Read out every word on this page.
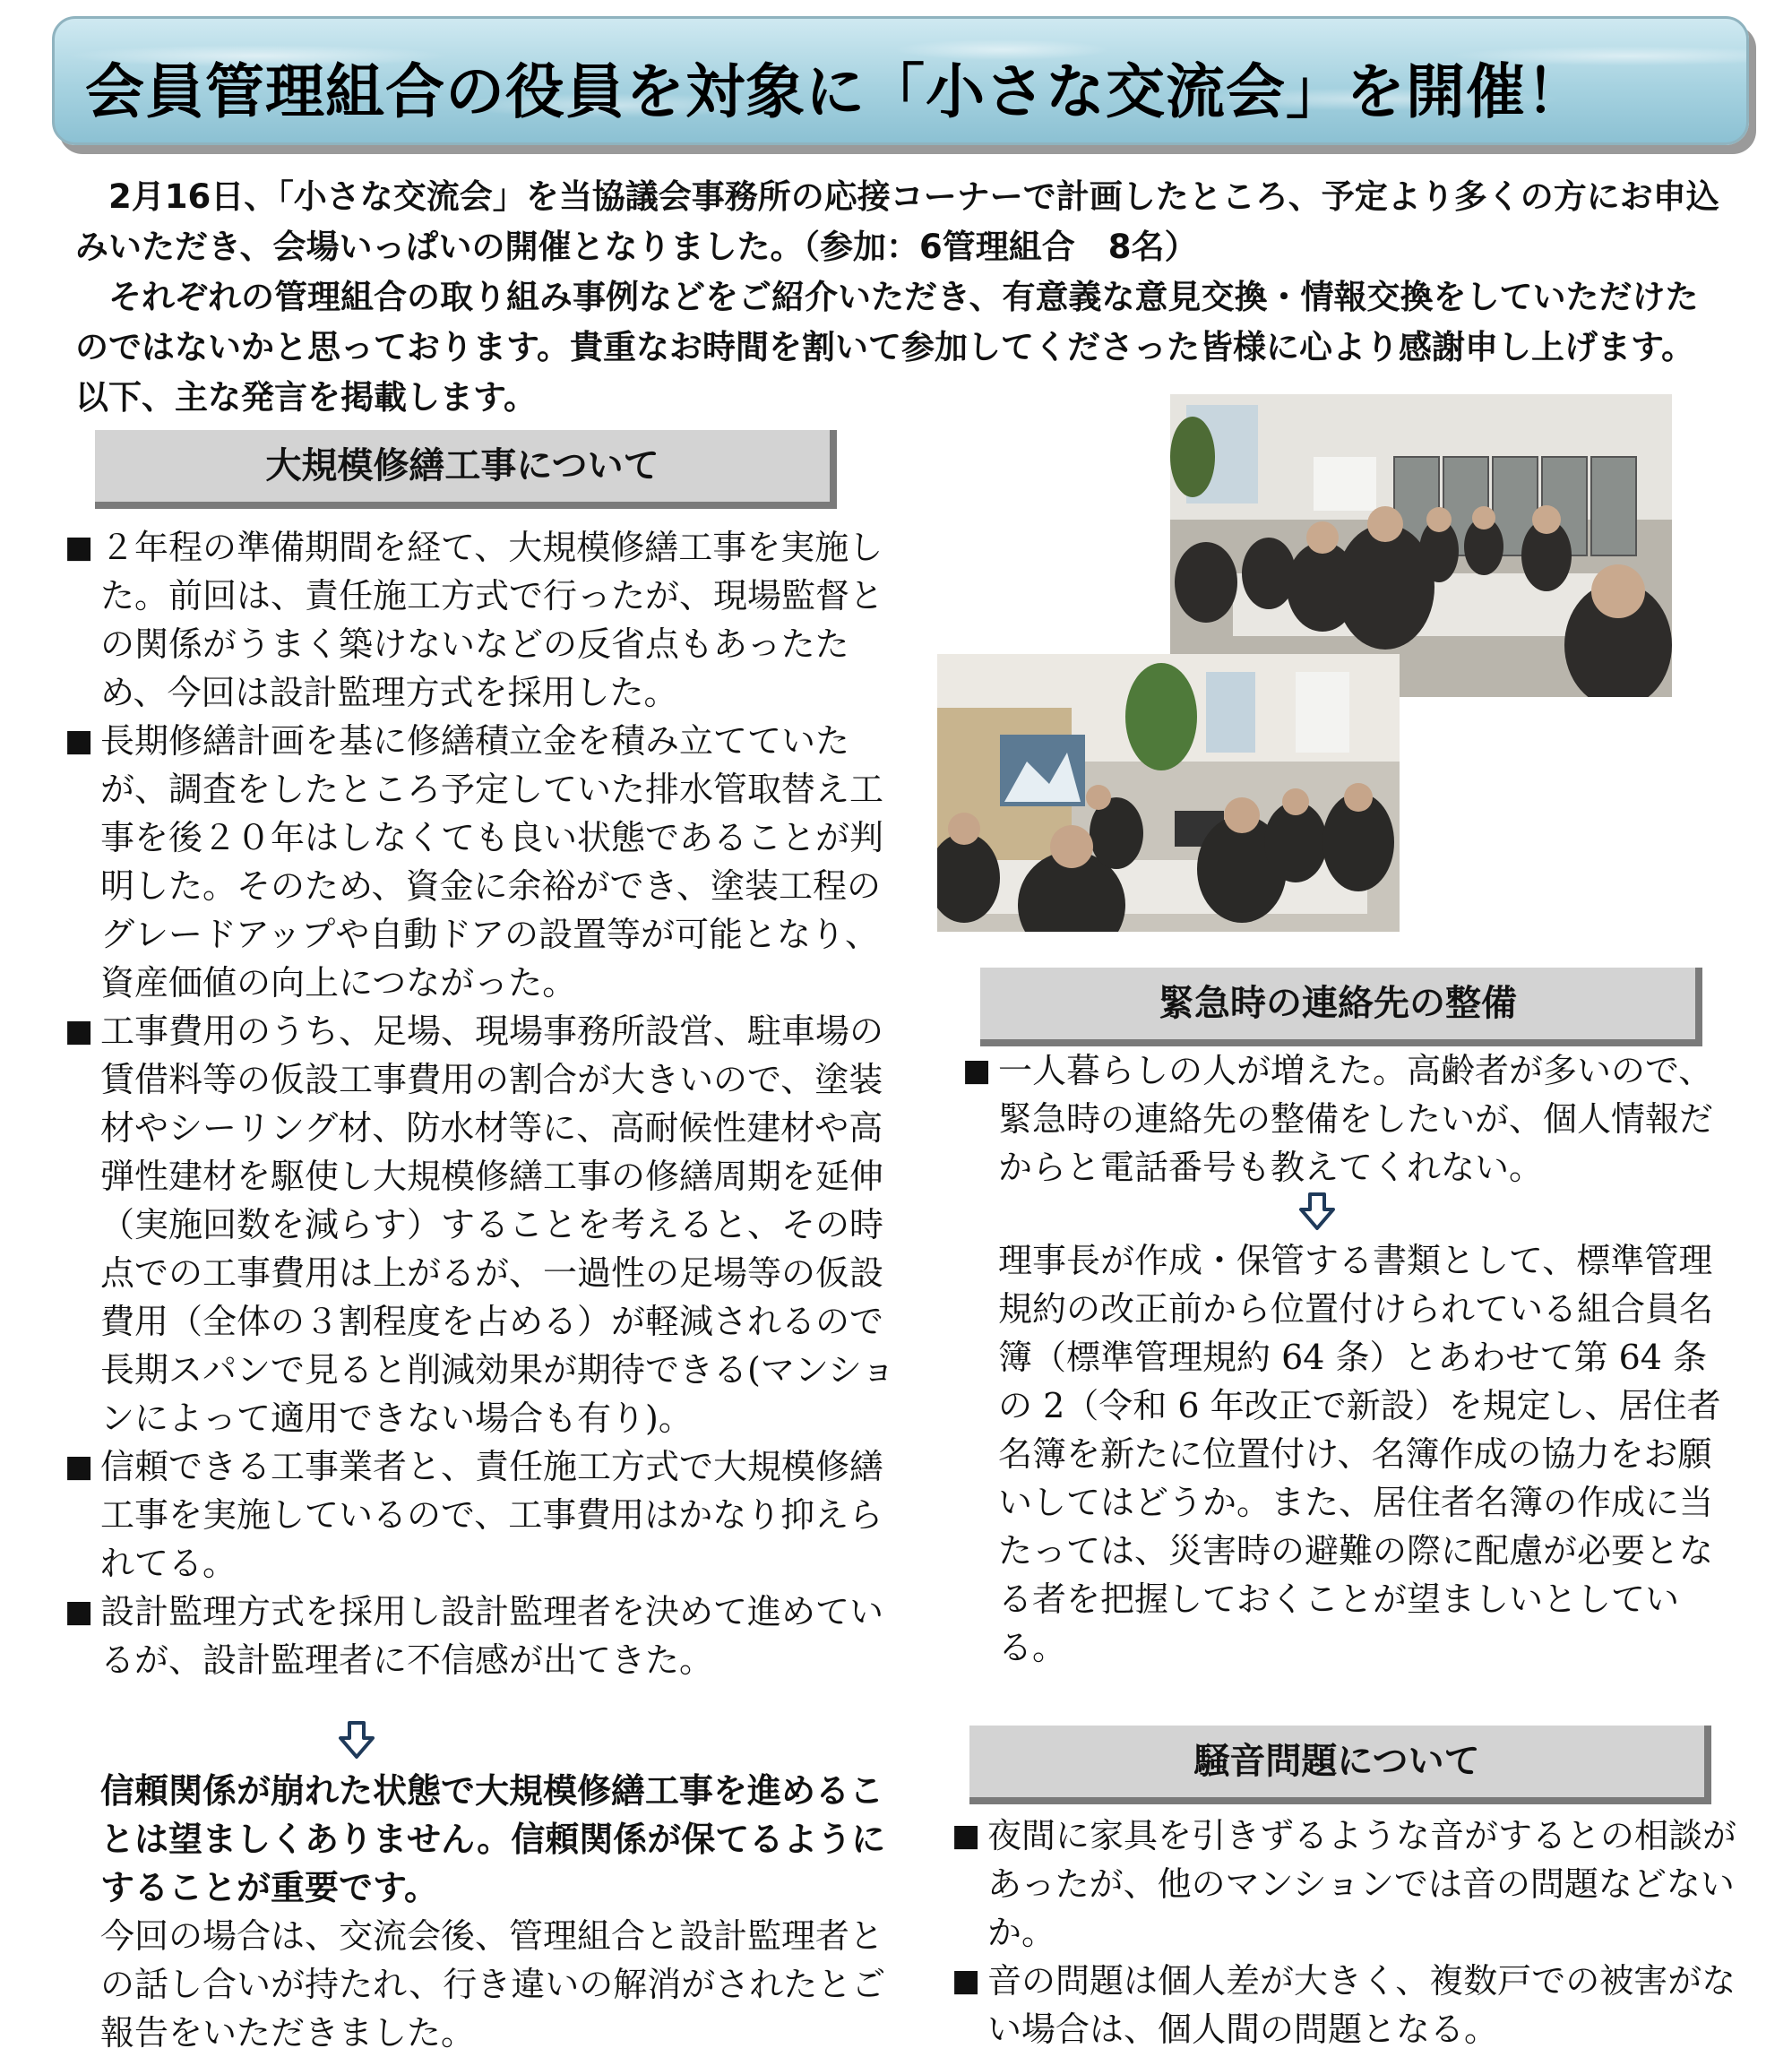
会員管理組合の役員を対象に「小さな交流会」を開催！

2月16日、「小さな交流会」を当協議会事務所の応接コーナーで計画したところ、予定より多くの方にお申込みいただき、会場いっぱいの開催となりました。（参加：6管理組合　8名）

それぞれの管理組合の取り組み事例などをご紹介いただき、有意義な意見交換・情報交換をしていただけたのではないかと思っております。貴重なお時間を割いて参加してくださった皆様に心より感謝申し上げます。以下、主な発言を掲載します。

大規模修繕工事について
■ ２年程の準備期間を経て、大規模修繕工事を実施した。前回は、責任施工方式で行ったが、現場監督との関係がうまく築けないなどの反省点もあったため、今回は設計監理方式を採用した。
■ 長期修繕計画を基に修繕積立金を積み立てていたが、調査をしたところ予定していた排水管取替え工事を後２０年はしなくても良い状態であることが判明した。そのため、資金に余裕ができ、塗装工程のグレードアップや自動ドアの設置等が可能となり、資産価値の向上につながった。
■ 工事費用のうち、足場、現場事務所設営、駐車場の賃借料等の仮設工事費用の割合が大きいので、塗装材やシーリング材、防水材等に、高耐候性建材や高弾性建材を駆使し大規模修繕工事の修繕周期を延伸（実施回数を減らす）することを考えると、その時点での工事費用は上がるが、一過性の足場等の仮設費用（全体の３割程度を占める）が軽減されるので長期スパンで見ると削減効果が期待できる(マンションによって適用できない場合も有り)。
■ 信頼できる工事業者と、責任施工方式で大規模修繕工事を実施しているので、工事費用はかなり抑えられてる。
■ 設計監理方式を採用し設計監理者を決めて進めているが、設計監理者に不信感が出てきた。
信頼関係が崩れた状態で大規模修繕工事を進めることは望ましくありません。信頼関係が保てるようにすることが重要です。
今回の場合は、交流会後、管理組合と設計監理者との話し合いが持たれ、行き違いの解消がされたとご報告をいただきました。
緊急時の連絡先の整備
■ 一人暮らしの人が増えた。高齢者が多いので、緊急時の連絡先の整備をしたいが、個人情報だからと電話番号も教えてくれない。
理事長が作成・保管する書類として、標準管理規約の改正前から位置付けられている組合員名簿（標準管理規約 64 条）とあわせて第 64 条の 2（令和 6 年改正で新設）を規定し、居住者名簿を新たに位置付け、名簿作成の協力をお願いしてはどうか。また、居住者名簿の作成に当たっては、災害時の避難の際に配慮が必要となる者を把握しておくことが望ましいとしている。
騒音問題について
■ 夜間に家具を引きずるような音がするとの相談があったが、他のマンションでは音の問題などないか。
■ 音の問題は個人差が大きく、複数戸での被害がない場合は、個人間の問題となる。
